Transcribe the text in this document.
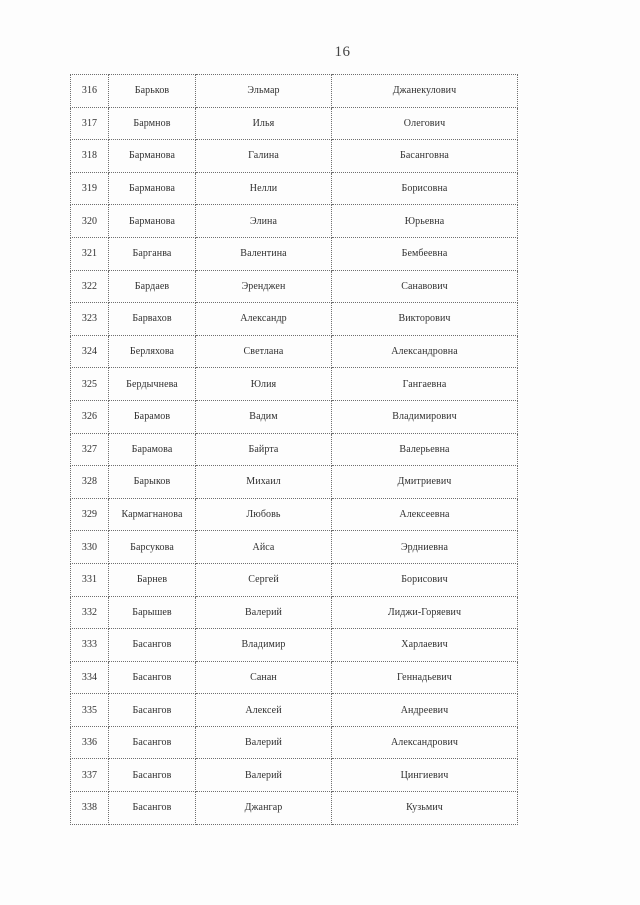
16
316	Барьков	Эльмар	Джанекулович
317	Бармнов	Илья	Олегович
318	Барманова	Галина	Басанговна
319	Барманова	Нелли	Борисовна
320	Барманова	Элина	Юрьевна
321	Барганва	Валентина	Бембеевна
322	Бардаев	Эренджен	Санавович
323	Барвахов	Александр	Викторович
324	Берляхова	Светлана	Александровна
325	Бердычнева	Юлия	Гангаевна
326	Барамов	Вадим	Владимирович
327	Барамова	Байрта	Валерьевна
328	Барыков	Михаил	Дмитриевич
329	Кармагнанова	Любовь	Алексеевна
330	Барсукова	Айса	Эрдниевна
331	Барнев	Сергей	Борисович
332	Барышев	Валерий	Лиджи-Горяевич
333	Басангов	Владимир	Харлаевич
334	Басангов	Санан	Геннадьевич
335	Басангов	Алексей	Андреевич
336	Басангов	Валерий	Александрович
337	Басангов	Валерий	Цингиевич
338	Басангов	Джангар	Кузьмич
